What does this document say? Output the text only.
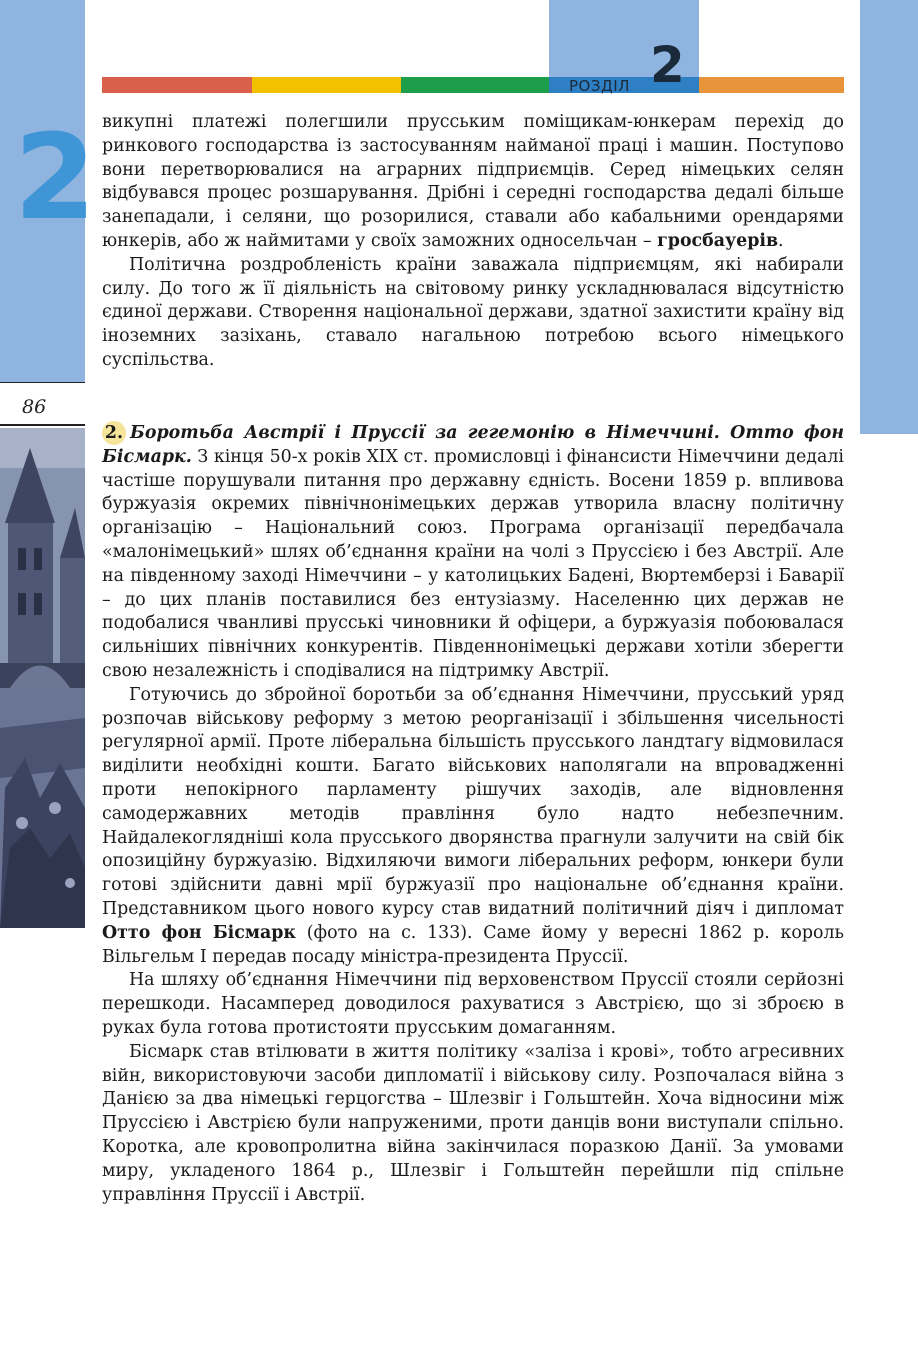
2
86
РОЗДІЛ 2

викупні платежі полегшили прусським поміщикам-юнкерам перехід до ринкового господарства із застосуванням найманої праці і машин. Поступово вони перетворювалися на аграрних підприємців. Серед німецьких селян відбувався процес розшарування. Дрібні і середні господарства дедалі більше занепадали, і селяни, що розорилися, ставали або кабальними орендарями юнкерів, або ж наймитами у своїх заможних односельчан – гросбауерів.

Політична роздробленість країни заважала підприємцям, які набирали силу. До того ж її діяльність на світовому ринку ускладнювалася відсутністю єдиної держави. Створення національної держави, здатної захистити країну від іноземних зазіхань, ставало нагальною потребою всього німецького суспільства.

2. Боротьба Австрії і Пруссії за гегемонію в Німеччині. Отто фон Бісмарк. З кінця 50-х років XIX ст. промисловці і фінансисти Німеччини дедалі частіше порушували питання про державну єдність. Восени 1859 р. впливова буржуазія окремих північнонімецьких держав утворила власну політичну організацію – Національний союз. Програма організації передбачала «малонімецький» шлях об’єднання країни на чолі з Пруссією і без Австрії. Але на південному заході Німеччини – у католицьких Бадені, Вюртемберзі і Баварії – до цих планів поставилися без ентузіазму. Населенню цих держав не подобалися чванливі прусські чиновники й офіцери, а буржуазія побоювалася сильніших північних конкурентів. Південнонімецькі держави хотіли зберегти свою незалежність і сподівалися на підтримку Австрії.

Готуючись до збройної боротьби за об’єднання Німеччини, прусський уряд розпочав військову реформу з метою реорганізації і збільшення чисельності регулярної армії. Проте ліберальна більшість прусського ландтагу відмовилася виділити необхідні кошти. Багато військових наполягали на впровадженні проти непокірного парламенту рішучих заходів, але відновлення самодержавних методів правління було надто небезпечним. Найдалекоглядніші кола прусського дворянства прагнули залучити на свій бік опозиційну буржуазію. Відхиляючи вимоги ліберальних реформ, юнкери були готові здійснити давні мрії буржуазії про національне об’єднання країни. Представником цього нового курсу став видатний політичний діяч і дипломат Отто фон Бісмарк (фото на с. 133). Саме йому у вересні 1862 р. король Вільгельм I передав посаду міністра-президента Пруссії.

На шляху об’єднання Німеччини під верховенством Пруссії стояли серйозні перешкоди. Насамперед доводилося рахуватися з Австрією, що зі зброєю в руках була готова протистояти прусським домаганням.

Бісмарк став втілювати в життя політику «заліза і крові», тобто агресивних війн, використовуючи засоби дипломатії і військову силу. Розпочалася війна з Данією за два німецькі герцогства – Шлезвіг і Гольштейн. Хоча відносини між Пруссією і Австрією були напруженими, проти данців вони виступали спільно. Коротка, але кровопролитна війна закінчилася поразкою Данії. За умовами миру, укладеного 1864 р., Шлезвіг і Гольштейн перейшли під спільне управління Пруссії і Австрії.
